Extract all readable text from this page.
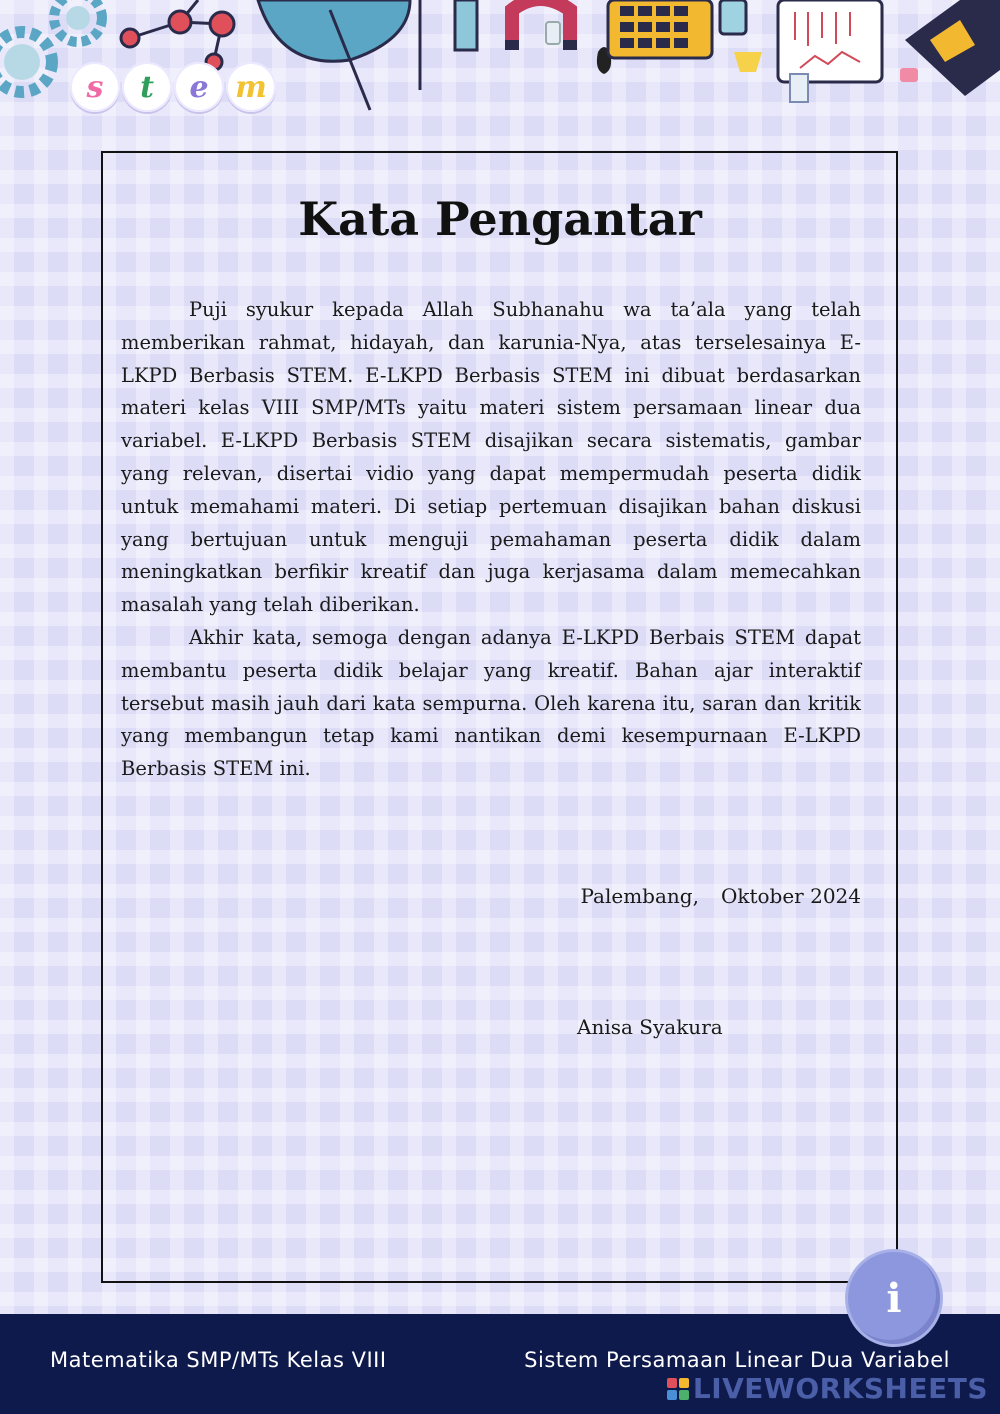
s	t	e m
Kata Pengantar

Puji syukur kepada Allah Subhanahu wa ta’ala yang telah memberikan rahmat, hidayah, dan karunia-Nya, atas terselesainya E-LKPD Berbasis STEM. E-LKPD Berbasis STEM ini dibuat berdasarkan materi kelas VIII SMP/MTs yaitu materi sistem persamaan linear dua variabel. E-LKPD Berbasis STEM disajikan secara sistematis, gambar yang relevan, disertai vidio yang dapat mempermudah peserta didik untuk memahami materi. Di setiap pertemuan disajikan bahan diskusi yang bertujuan untuk menguji pemahaman peserta didik dalam meningkatkan berfikir kreatif dan juga kerjasama dalam memecahkan masalah yang telah diberikan.

Akhir kata, semoga dengan adanya E-LKPD Berbais STEM dapat membantu peserta didik belajar yang kreatif. Bahan ajar interaktif tersebut masih jauh dari kata sempurna. Oleh karena itu, saran dan kritik yang membangun tetap kami nantikan demi kesempurnaan E-LKPD Berbasis STEM ini.

Palembang, Oktober 2024
Anisa Syakura
i
Matematika SMP/MTs Kelas VIII	Sistem Persamaan Linear Dua Variabel
LIVEWORKSHEETS
